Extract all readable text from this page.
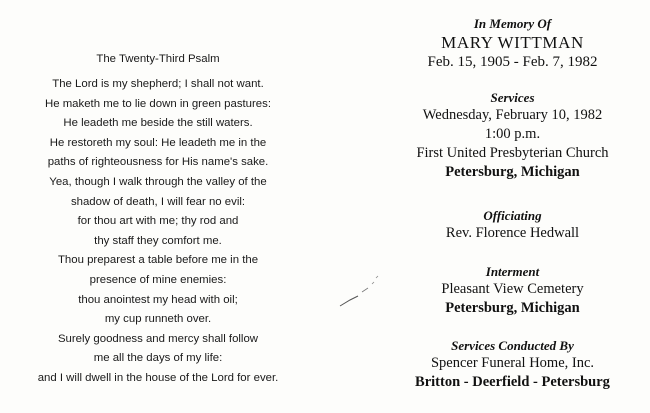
The Twenty-Third Psalm
The Lord is my shepherd; I shall not want.
He maketh me to lie down in green pastures:
He leadeth me beside the still waters.
He restoreth my soul: He leadeth me in the
paths of righteousness for His name's sake.
Yea, though I walk through the valley of the
shadow of death, I will fear no evil:
for thou art with me; thy rod and
thy staff they comfort me.
Thou preparest a table before me in the
presence of mine enemies:
thou anointest my head with oil;
my cup runneth over.
Surely goodness and mercy shall follow
me all the days of my life:
and I will dwell in the house of the Lord for ever.
In Memory Of
MARY WITTMAN
Feb. 15, 1905 - Feb. 7, 1982
Services
Wednesday, February 10, 1982
1:00 p.m.
First United Presbyterian Church
Petersburg, Michigan
Officiating
Rev. Florence Hedwall
Interment
Pleasant View Cemetery
Petersburg, Michigan
Services Conducted By
Spencer Funeral Home, Inc.
Britton - Deerfield - Petersburg
